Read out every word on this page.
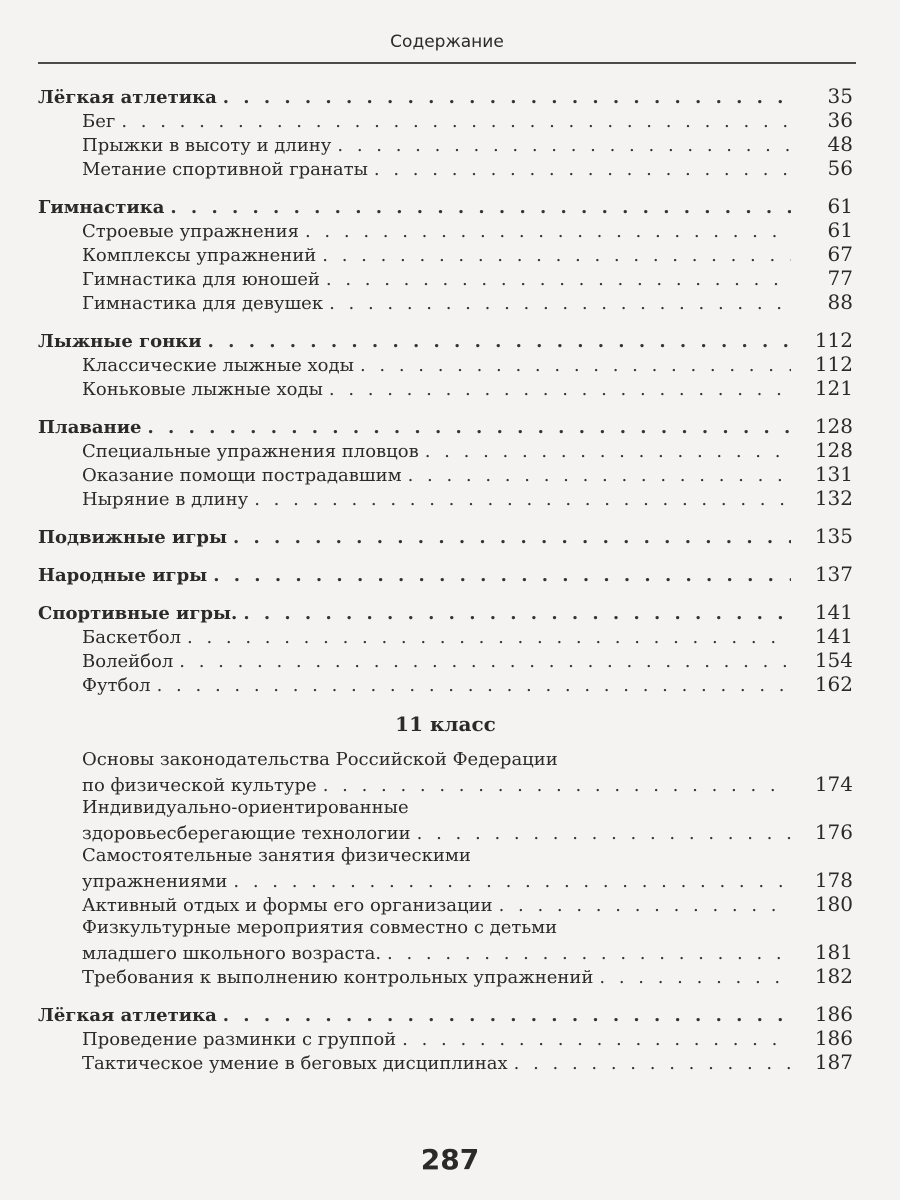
Содержание
Лёгкая атлетика . . .	35
Бег . . .	36
Прыжки в высоту и длину . . .	48
Метание спортивной гранаты . . .	56
Гимнастика . . .	61
Строевые упражнения . . .	61
Комплексы упражнений . . .	67
Гимнастика для юношей . . .	77
Гимнастика для девушек . . .	88
Лыжные гонки . . .	112
Классические лыжные ходы . . .	112
Коньковые лыжные ходы . . .	121
Плавание . . .	128
Специальные упражнения пловцов . . .	128
Оказание помощи пострадавшим . . .	131
Ныряние в длину . . .	132
Подвижные игры . . .	135
Народные игры . . .	137
Спортивные игры. . . .	141
Баскетбол . . .	141
Волейбол . . .	154
Футбол . . .	162
11 класс
Основы законодательства Российской Федерации
по физической культуре . . .	174
Индивидуально-ориентированные
здоровьесберегающие технологии . . .	176
Самостоятельные занятия физическими
упражнениями . . .	178
Активный отдых и формы его организации . . .	180
Физкультурные мероприятия совместно с детьми
младшего школьного возраста. . . .	181
Требования к выполнению контрольных упражнений . . .	182
Лёгкая атлетика . . .	186
Проведение разминки с группой . . .	186
Тактическое умение в беговых дисциплинах . . .	187
287
